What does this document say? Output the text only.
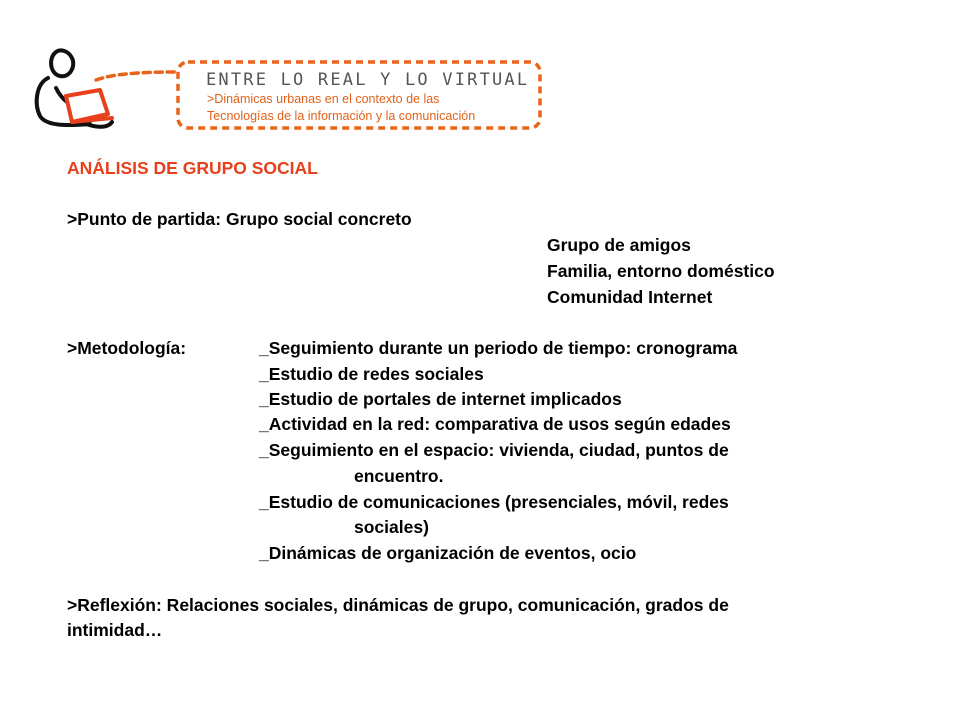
ENTRE LO REAL Y LO VIRTUAL
>Dinámicas urbanas en el contexto de las
Tecnologías de la información y la comunicación
ANÁLISIS DE GRUPO SOCIAL
>Punto de partida: Grupo social concreto
Grupo de amigos
Familia, entorno doméstico
Comunidad Internet
>Metodología:	_Seguimiento durante un periodo de tiempo: cronograma
_Estudio de redes sociales
_Estudio de portales de internet implicados
_Actividad en la red: comparativa de usos según edades
_Seguimiento en el espacio: vivienda, ciudad, puntos de
encuentro.
_Estudio de comunicaciones (presenciales, móvil, redes
sociales)
_Dinámicas de organización de eventos, ocio
>Reflexión: Relaciones sociales, dinámicas de grupo, comunicación, grados de
intimidad…
